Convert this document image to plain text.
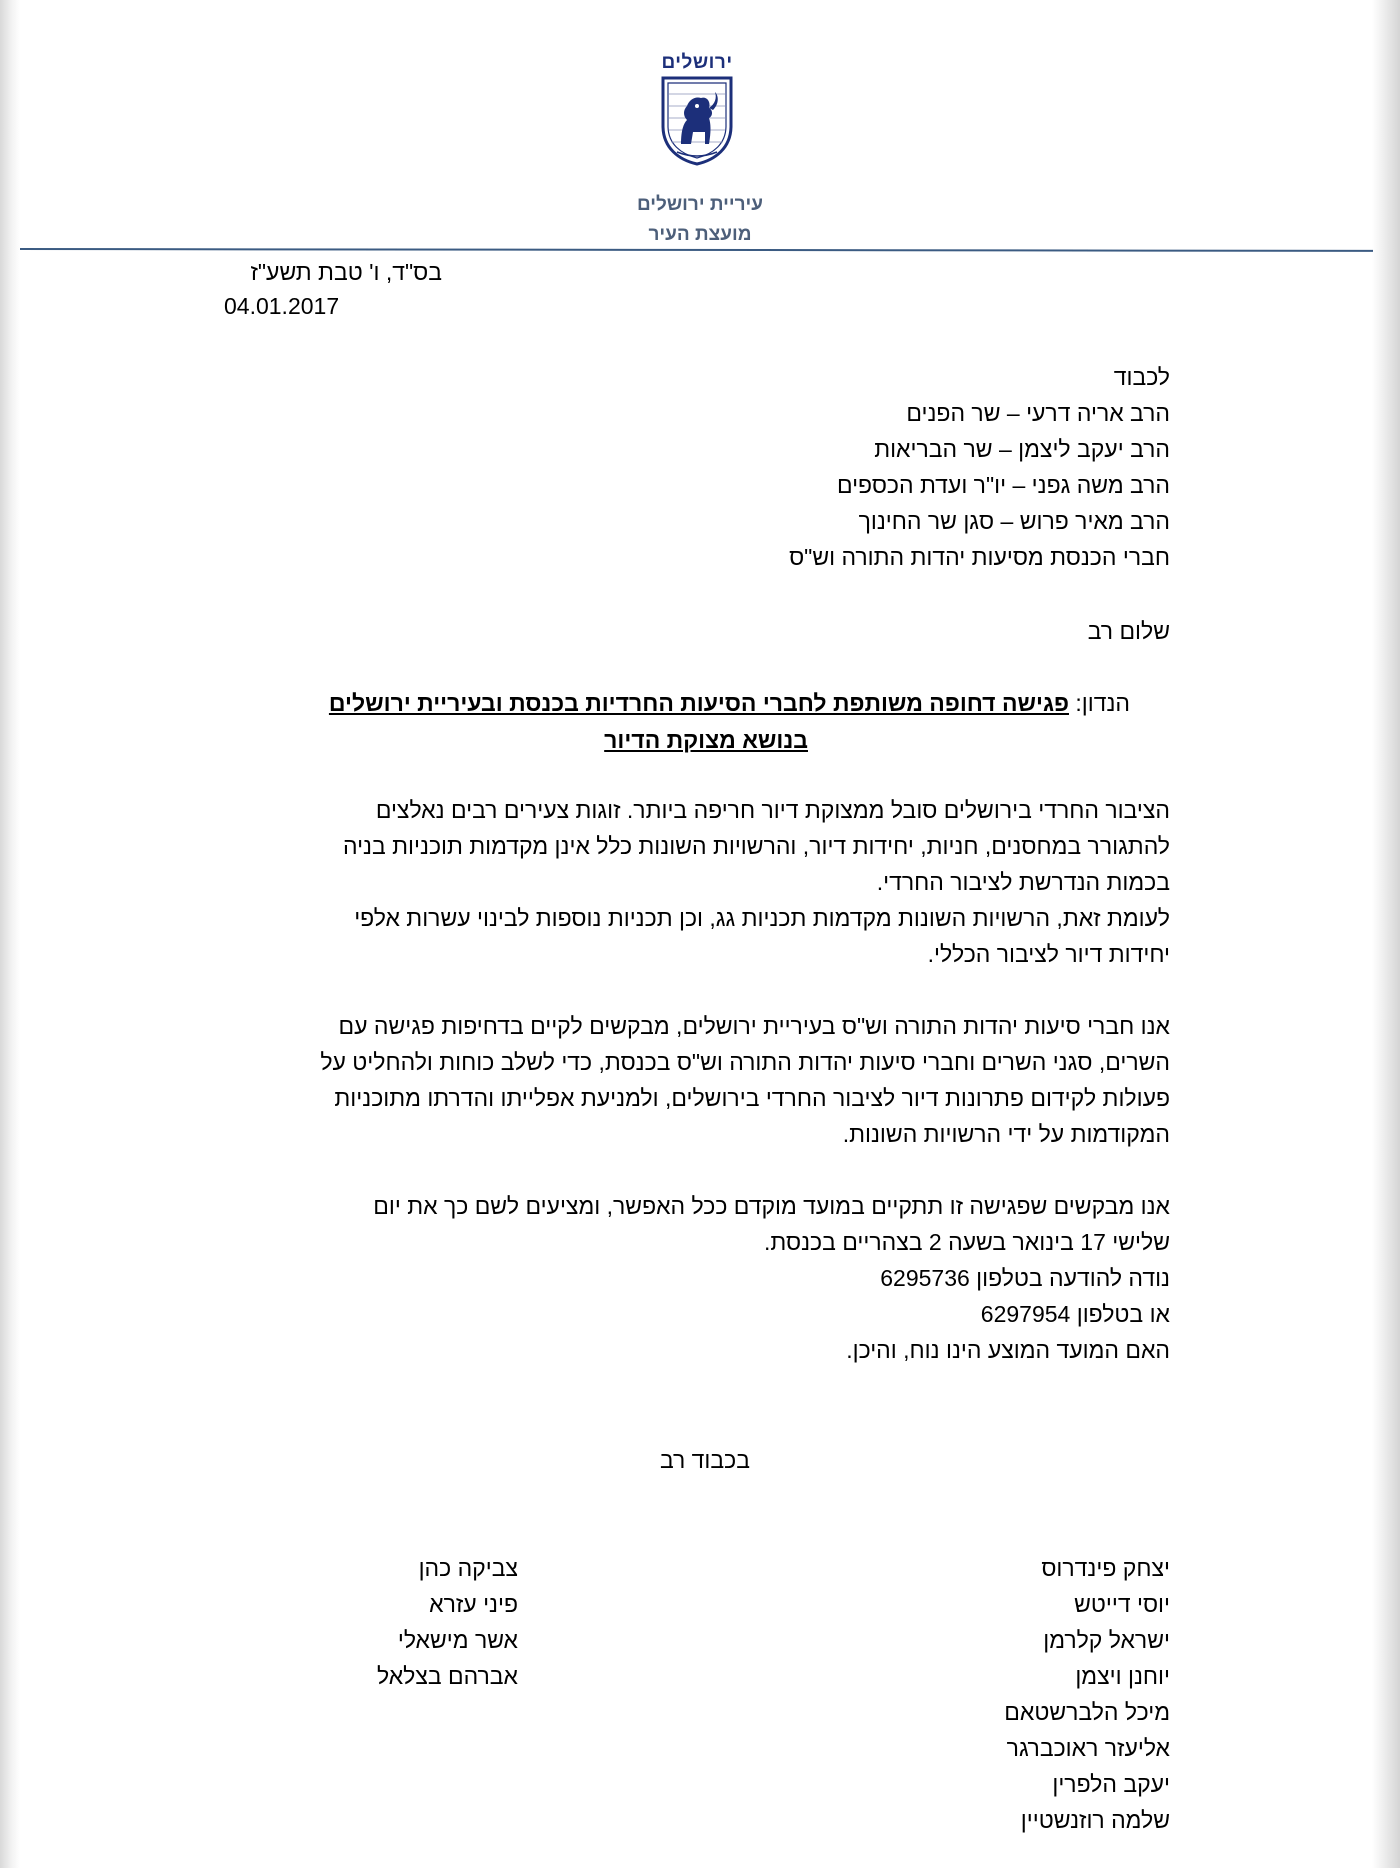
ירושלים
עיריית ירושלים
מועצת העיר
בס"ד, ו' טבת תשע"ז
04.01.2017
לכבוד
הרב אריה דרעי – שר הפנים
הרב יעקב ליצמן – שר הבריאות
הרב משה גפני – יו"ר ועדת הכספים
הרב מאיר פרוש – סגן שר החינוך
חברי הכנסת מסיעות יהדות התורה וש"ס
שלום רב
הנדון: פגישה דחופה משותפת לחברי הסיעות החרדיות בכנסת ובעיריית ירושלים
בנושא מצוקת הדיור
הציבור החרדי בירושלים סובל ממצוקת דיור חריפה ביותר. זוגות צעירים רבים נאלצים
להתגורר במחסנים, חניות, יחידות דיור, והרשויות השונות כלל אינן מקדמות תוכניות בניה
בכמות הנדרשת לציבור החרדי.
לעומת זאת, הרשויות השונות מקדמות תכניות גג, וכן תכניות נוספות לבינוי עשרות אלפי
יחידות דיור לציבור הכללי.
אנו חברי סיעות יהדות התורה וש"ס בעיריית ירושלים, מבקשים לקיים בדחיפות פגישה עם
השרים, סגני השרים וחברי סיעות יהדות התורה וש"ס בכנסת, כדי לשלב כוחות ולהחליט על
פעולות לקידום פתרונות דיור לציבור החרדי בירושלים, ולמניעת אפלייתו והדרתו מתוכניות
המקודמות על ידי הרשויות השונות.
אנו מבקשים שפגישה זו תתקיים במועד מוקדם ככל האפשר, ומציעים לשם כך את יום
שלישי 17 בינואר בשעה 2 בצהריים בכנסת.
נודה להודעה בטלפון 6295736
או בטלפון 6297954
האם המועד המוצע הינו נוח, והיכן.
בכבוד רב
יצחק פינדרוס
יוסי דייטש
ישראל קלרמן
יוחנן ויצמן
מיכל הלברשטאם
אליעזר ראוכברגר
יעקב הלפרין
שלמה רוזנשטיין
צביקה כהן
פיני עזרא
אשר מישאלי
אברהם בצלאל
